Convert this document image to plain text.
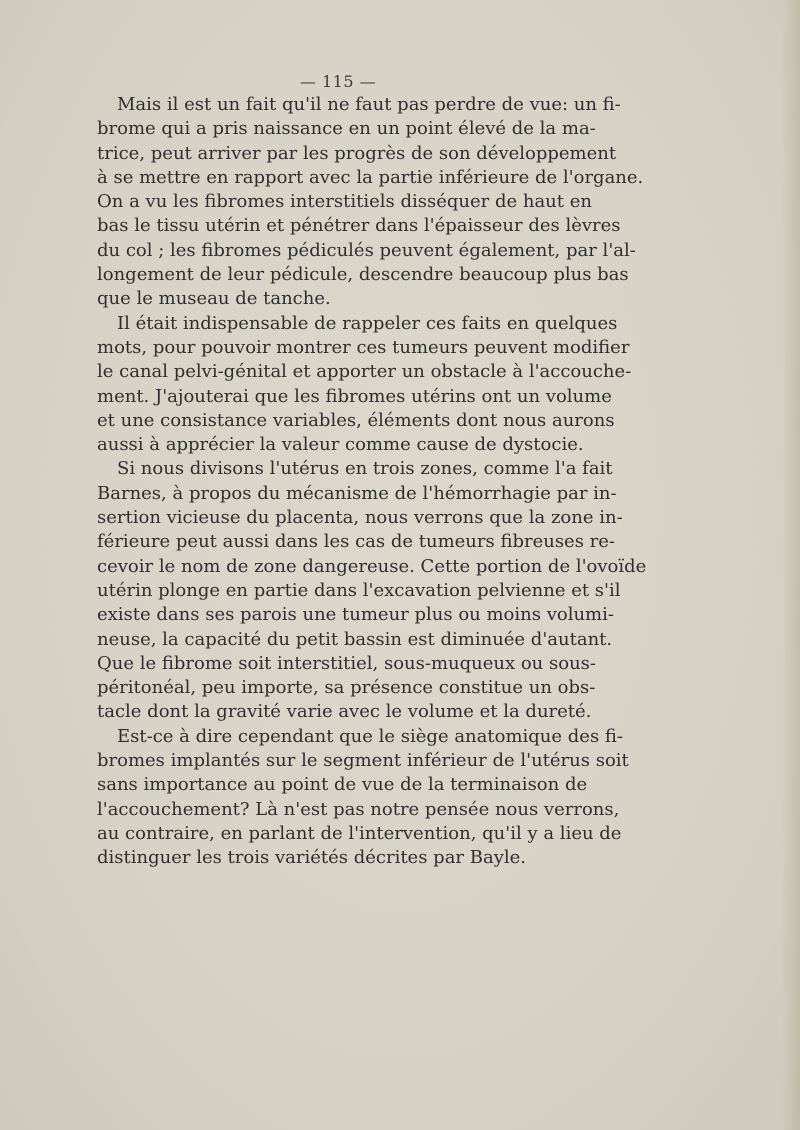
— 115 —

Mais il est un fait qu'il ne faut pas perdre de vue: un fi-
brome qui a pris naissance en un point élevé de la ma-
trice, peut arriver par les progrès de son développement
à se mettre en rapport avec la partie inférieure de l'organe.
On a vu les fibromes interstitiels disséquer de haut en
bas le tissu utérin et pénétrer dans l'épaisseur des lèvres
du col ; les fibromes pédiculés peuvent également, par l'al-
longement de leur pédicule, descendre beaucoup plus bas
que le museau de tanche.

Il était indispensable de rappeler ces faits en quelques
mots, pour pouvoir montrer ces tumeurs peuvent modifier
le canal pelvi-génital et apporter un obstacle à l'accouche-
ment. J'ajouterai que les fibromes utérins ont un volume
et une consistance variables, éléments dont nous aurons
aussi à apprécier la valeur comme cause de dystocie.

Si nous divisons l'utérus en trois zones, comme l'a fait
Barnes, à propos du mécanisme de l'hémorrhagie par in-
sertion vicieuse du placenta, nous verrons que la zone in-
férieure peut aussi dans les cas de tumeurs fibreuses re-
cevoir le nom de zone dangereuse. Cette portion de l'ovoïde
utérin plonge en partie dans l'excavation pelvienne et s'il
existe dans ses parois une tumeur plus ou moins volumi-
neuse, la capacité du petit bassin est diminuée d'autant.
Que le fibrome soit interstitiel, sous-muqueux ou sous-
péritonéal, peu importe, sa présence constitue un obs-
tacle dont la gravité varie avec le volume et la dureté.

Est-ce à dire cependant que le siège anatomique des fi-
bromes implantés sur le segment inférieur de l'utérus soit
sans importance au point de vue de la terminaison de
l'accouchement? Là n'est pas notre pensée nous verrons,
au contraire, en parlant de l'intervention, qu'il y a lieu de
distinguer les trois variétés décrites par Bayle.
